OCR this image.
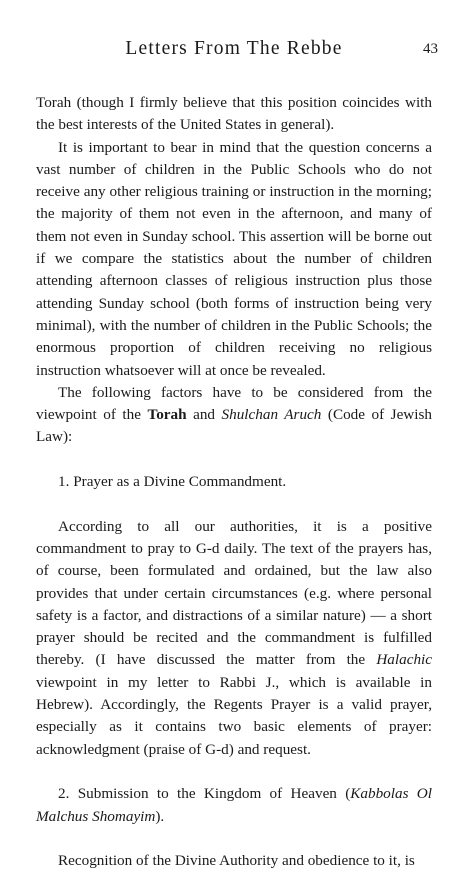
Letters From The Rebbe	43

Torah (though I firmly believe that this position coincides with the best interests of the United States in general).

It is important to bear in mind that the question concerns a vast number of children in the Public Schools who do not receive any other religious training or instruction in the morning; the majority of them not even in the afternoon, and many of them not even in Sunday school. This assertion will be borne out if we compare the statistics about the number of children attending afternoon classes of religious instruction plus those attending Sunday school (both forms of instruction being very minimal), with the number of children in the Public Schools; the enormous proportion of children receiving no religious instruction whatsoever will at once be revealed.

The following factors have to be considered from the viewpoint of the Torah and Shulchan Aruch (Code of Jewish Law):

1. Prayer as a Divine Commandment.

According to all our authorities, it is a positive commandment to pray to G-d daily. The text of the prayers has, of course, been formulated and ordained, but the law also provides that under certain circumstances (e.g. where personal safety is a factor, and distractions of a similar nature) — a short prayer should be recited and the commandment is fulfilled thereby. (I have discussed the matter from the Halachic viewpoint in my letter to Rabbi J., which is available in Hebrew). Accordingly, the Regents Prayer is a valid prayer, especially as it contains two basic elements of prayer: acknowledgment (praise of G-d) and request.

2. Submission to the Kingdom of Heaven (Kabbolas Ol Malchus Shomayim).

Recognition of the Divine Authority and obedience to it, is
